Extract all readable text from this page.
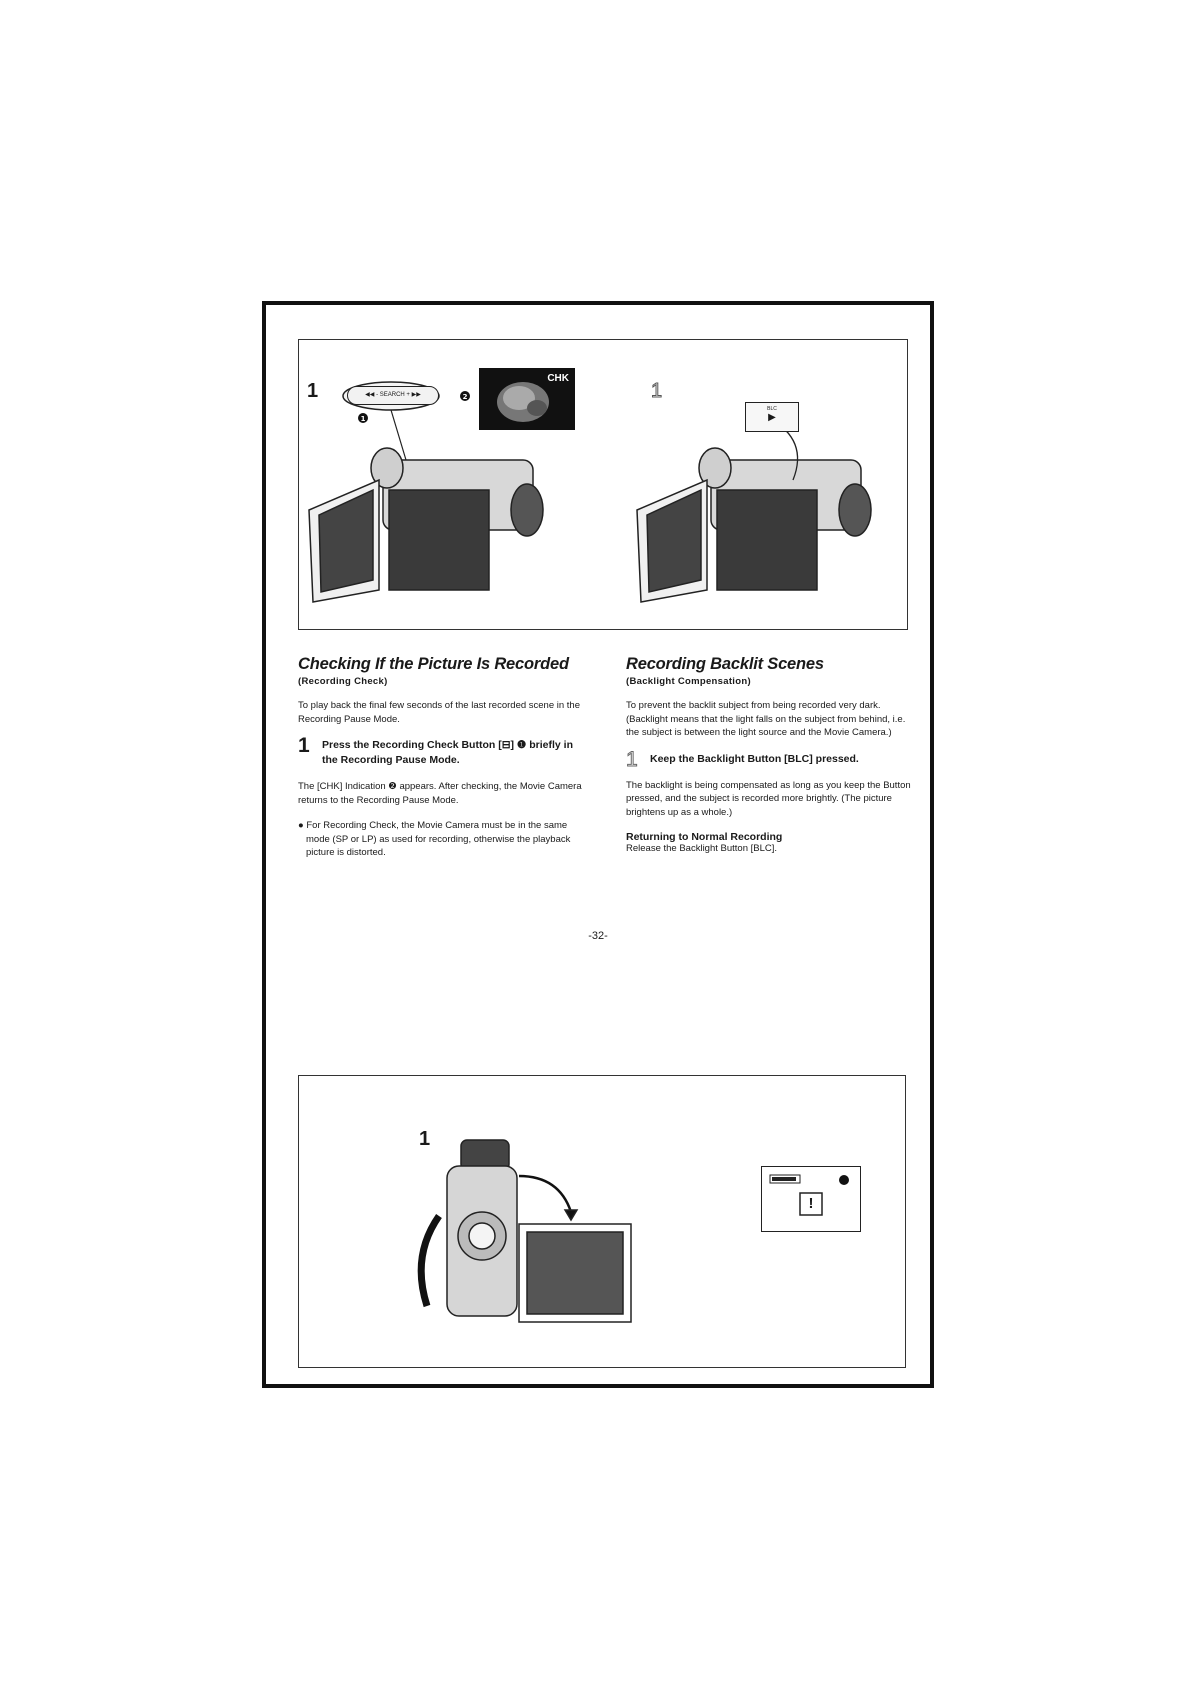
1	1
1
2
◀◀ - SEARCH + ▶▶
CHK
BLC
▶
Checking If the Picture Is Recorded
(Recording Check)

To play back the final few seconds of the last recorded scene in the Recording Pause Mode.

1 Press the Recording Check Button [⊟] ❶ briefly in the Recording Pause Mode.

The [CHK] Indication ❷ appears. After checking, the Movie Camera returns to the Recording Pause Mode.

● For Recording Check, the Movie Camera must be in the same mode (SP or LP) as used for recording, otherwise the playback picture is distorted.
Recording Backlit Scenes
(Backlight Compensation)

To prevent the backlit subject from being recorded very dark. (Backlight means that the light falls on the subject from behind, i.e. the subject is between the light source and the Movie Camera.)

1 Keep the Backlight Button [BLC] pressed.

The backlight is being compensated as long as you keep the Button pressed, and the subject is recorded more brightly. (The picture brightens up as a whole.)

Returning to Normal Recording
Release the Backlight Button [BLC].
-32-
1
!
